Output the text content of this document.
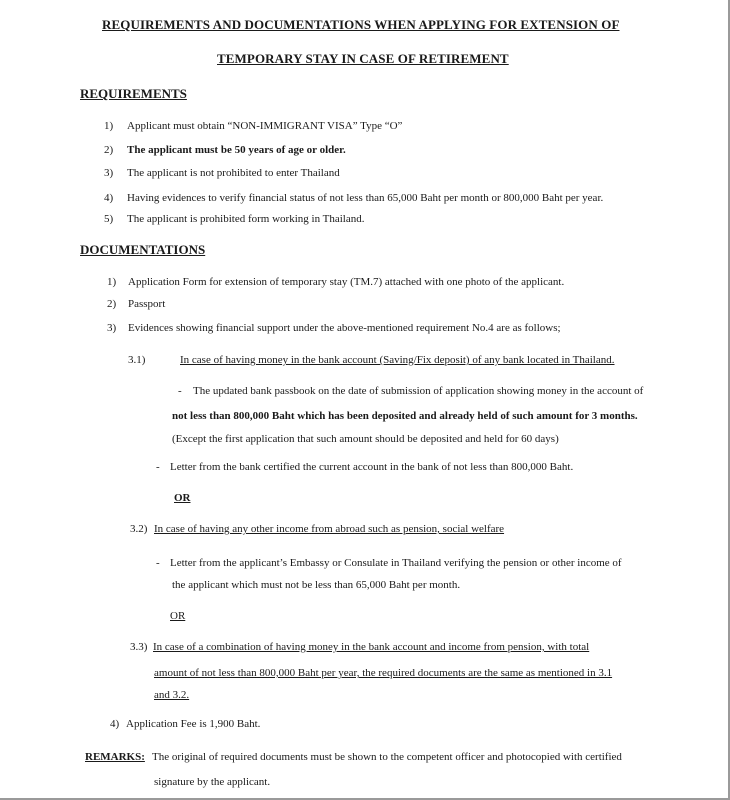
REQUIREMENTS AND DOCUMENTATIONS WHEN APPLYING FOR EXTENSION OF
TEMPORARY STAY IN CASE OF RETIREMENT
REQUIREMENTS
1) Applicant must obtain “NON-IMMIGRANT VISA” Type “O”
2) The applicant must be 50 years of age or older.
3) The applicant is not prohibited to enter Thailand
4) Having evidences to verify financial status of not less than 65,000 Baht per month or 800,000 Baht per year.
5) The applicant is prohibited form working in Thailand.
DOCUMENTATIONS
1) Application Form for extension of temporary stay (TM.7) attached with one photo of the applicant.
2) Passport
3) Evidences showing financial support under the above-mentioned requirement No.4 are as follows;
3.1)	In case of having money in the bank account (Saving/Fix deposit) of any bank located in Thailand.
- The updated bank passbook on the date of submission of application showing money in the account of
not less than 800,000 Baht which has been deposited and already held of such amount for 3 months.
(Except the first application that such amount should be deposited and held for 60 days)
- Letter from the bank certified the current account in the bank of not less than 800,000 Baht.
OR
3.2) In case of having any other income from abroad such as pension, social welfare
- Letter from the applicant’s Embassy or Consulate in Thailand verifying the pension or other income of
the applicant which must not be less than 65,000 Baht per month.
OR
3.3) In case of a combination of having money in the bank account and income from pension, with total
amount of not less than 800,000 Baht per year, the required documents are the same as mentioned in 3.1
and 3.2.
4) Application Fee is 1,900 Baht.
REMARKS: The original of required documents must be shown to the competent officer and photocopied with certified
signature by the applicant.
